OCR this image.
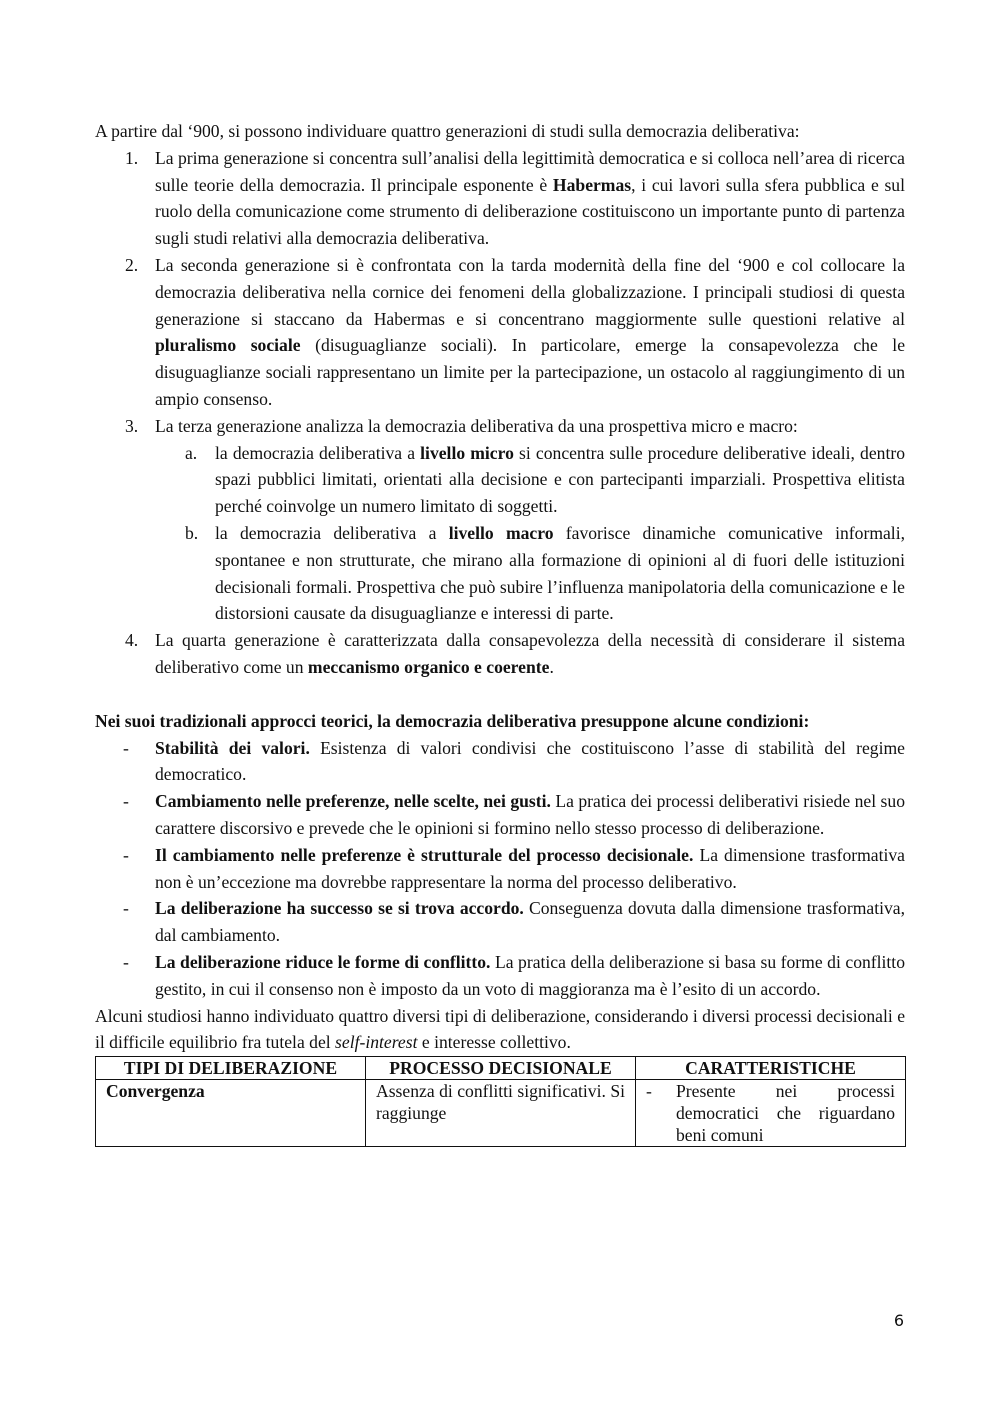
A partire dal ‘900, si possono individuare quattro generazioni di studi sulla democrazia deliberativa:

1. La prima generazione si concentra sull’analisi della legittimità democratica e si colloca nell’area di ricerca sulle teorie della democrazia. Il principale esponente è Habermas, i cui lavori sulla sfera pubblica e sul ruolo della comunicazione come strumento di deliberazione costituiscono un importante punto di partenza sugli studi relativi alla democrazia deliberativa.
2. La seconda generazione si è confrontata con la tarda modernità della fine del ‘900 e col collocare la democrazia deliberativa nella cornice dei fenomeni della globalizzazione. I principali studiosi di questa generazione si staccano da Habermas e si concentrano maggiormente sulle questioni relative al pluralismo sociale (disuguaglianze sociali). In particolare, emerge la consapevolezza che le disuguaglianze sociali rappresentano un limite per la partecipazione, un ostacolo al raggiungimento di un ampio consenso.
3. La terza generazione analizza la democrazia deliberativa da una prospettiva micro e macro:
a. la democrazia deliberativa a livello micro si concentra sulle procedure deliberative ideali, dentro spazi pubblici limitati, orientati alla decisione e con partecipanti imparziali. Prospettiva elitista perché coinvolge un numero limitato di soggetti.
b. la democrazia deliberativa a livello macro favorisce dinamiche comunicative informali, spontanee e non strutturate, che mirano alla formazione di opinioni al di fuori delle istituzioni decisionali formali. Prospettiva che può subire l’influenza manipolatoria della comunicazione e le distorsioni causate da disuguaglianze e interessi di parte.
4. La quarta generazione è caratterizzata dalla consapevolezza della necessità di considerare il sistema deliberativo come un meccanismo organico e coerente.

Nei suoi tradizionali approcci teorici, la democrazia deliberativa presuppone alcune condizioni:

- Stabilità dei valori. Esistenza di valori condivisi che costituiscono l’asse di stabilità del regime democratico.
- Cambiamento nelle preferenze, nelle scelte, nei gusti. La pratica dei processi deliberativi risiede nel suo carattere discorsivo e prevede che le opinioni si formino nello stesso processo di deliberazione.
- Il cambiamento nelle preferenze è strutturale del processo decisionale. La dimensione trasformativa non è un’eccezione ma dovrebbe rappresentare la norma del processo deliberativo.
- La deliberazione ha successo se si trova accordo. Conseguenza dovuta dalla dimensione trasformativa, dal cambiamento.
- La deliberazione riduce le forme di conflitto. La pratica della deliberazione si basa su forme di conflitto gestito, in cui il consenso non è imposto da un voto di maggioranza ma è l’esito di un accordo.

Alcuni studiosi hanno individuato quattro diversi tipi di deliberazione, considerando i diversi processi decisionali e il difficile equilibrio fra tutela del self-interest e interesse collettivo.

TIPI DI DELIBERAZIONE	PROCESSO DECISIONALE	CARATTERISTICHE
Convergenza	Assenza di conflitti significativi. Si raggiunge	- Presente nei processi democratici che riguardano beni comuni
6
